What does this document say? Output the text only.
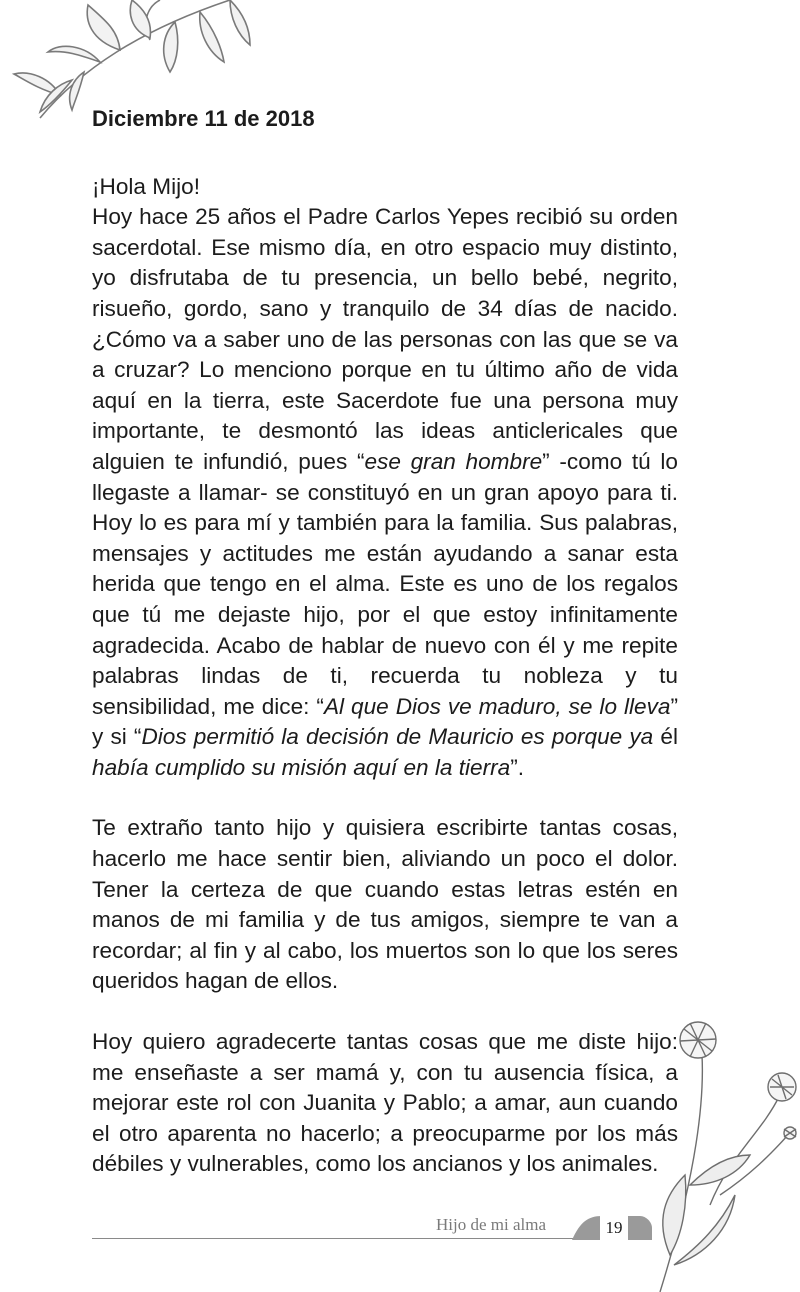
Diciembre 11 de 2018
¡Hola Mijo!
Hoy hace 25 años el Padre Carlos Yepes recibió su orden sacerdotal. Ese mismo día, en otro espacio muy distinto, yo disfrutaba de tu presencia, un bello bebé, negrito, risueño, gordo, sano y tranquilo de 34 días de nacido. ¿Cómo va a saber uno de las personas con las que se va a cruzar? Lo menciono porque en tu último año de vida aquí en la tierra, este Sacerdote fue una persona muy importante, te desmontó las ideas anticlericales que alguien te infundió, pues “ese gran hombre” -como tú lo llegaste a llamar- se constituyó en un gran apoyo para ti. Hoy lo es para mí y también para la familia. Sus palabras, mensajes y actitudes me están ayudando a sanar esta herida que tengo en el alma. Este es uno de los regalos que tú me dejaste hijo, por el que estoy infinitamente agradecida. Acabo de hablar de nuevo con él y me repite palabras lindas de ti, recuerda tu nobleza y tu sensibilidad, me dice: “Al que Dios ve maduro, se lo lleva” y si “Dios permitió la decisión de Mauricio es porque ya él había cumplido su misión aquí en la tierra”.
Te extraño tanto hijo y quisiera escribirte tantas cosas, hacerlo me hace sentir bien, aliviando un poco el dolor. Tener la certeza de que cuando estas letras estén en manos de mi familia y de tus amigos, siempre te van a recordar; al fin y al cabo, los muertos son lo que los seres queridos hagan de ellos.
Hoy quiero agradecerte tantas cosas que me diste hijo: me enseñaste a ser mamá y, con tu ausencia física, a mejorar este rol con Juanita y Pablo; a amar, aun cuando el otro aparenta no hacerlo; a preocuparme por los más débiles y vulnerables, como los ancianos y los animales.
Hijo de mi alma	19
